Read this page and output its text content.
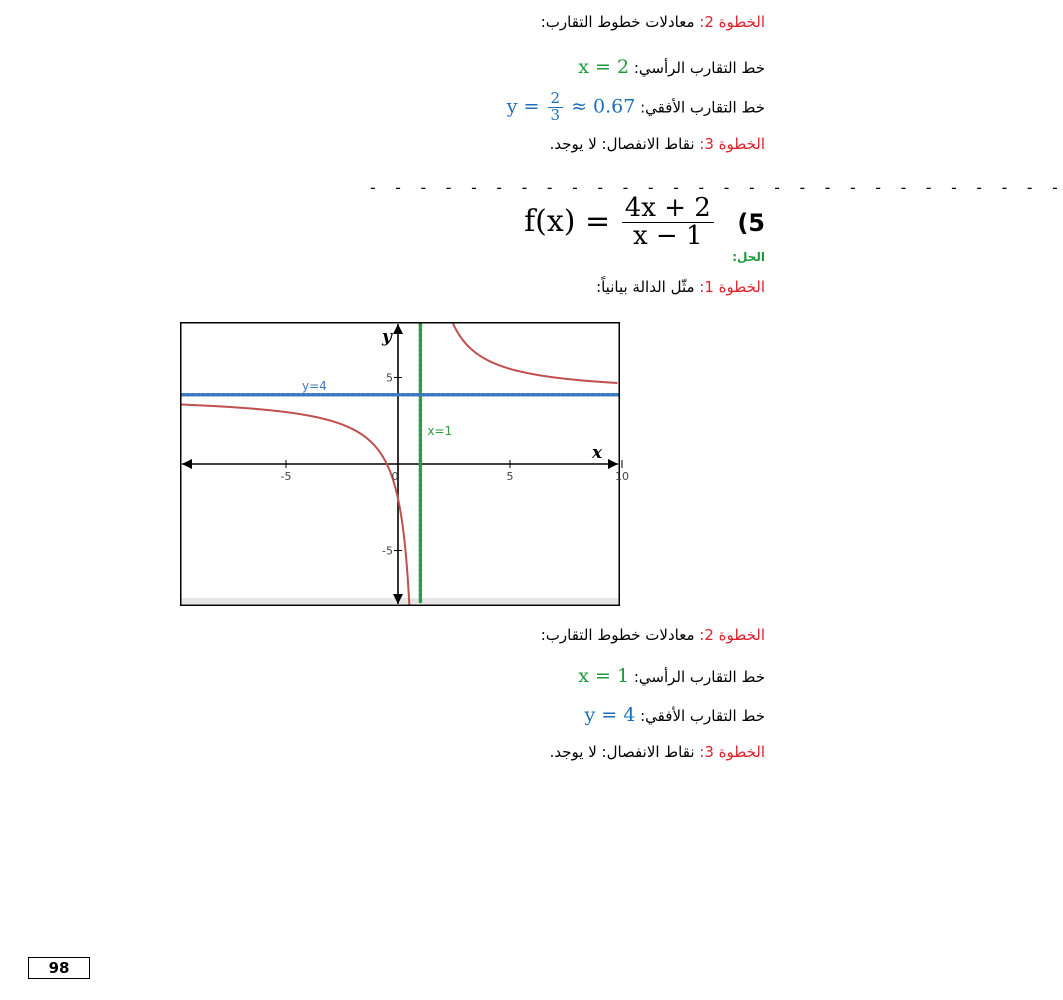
الخطوة 2: معادلات خطوط التقارب:
خط التقارب الرأسي: x = 2
خط التقارب الأفقي: $y = \frac{2}{3} \approx 0.67$
الخطوة 3: نقاط الانفصال: لا يوجد.
- - - - - - - - - - - - - - - - - - - - - - - - - - - -
$f(x) = \frac{4x + 2}{x - 1} (5$
الحل:
الخطوة 1: مثّل الدالة بيانياً:
-5	0	5	10
5
-5
x=1
y=4
x
y
الخطوة 2: معادلات خطوط التقارب:
خط التقارب الرأسي: x = 1
خط التقارب الأفقي: y = 4
الخطوة 3: نقاط الانفصال: لا يوجد.
98
